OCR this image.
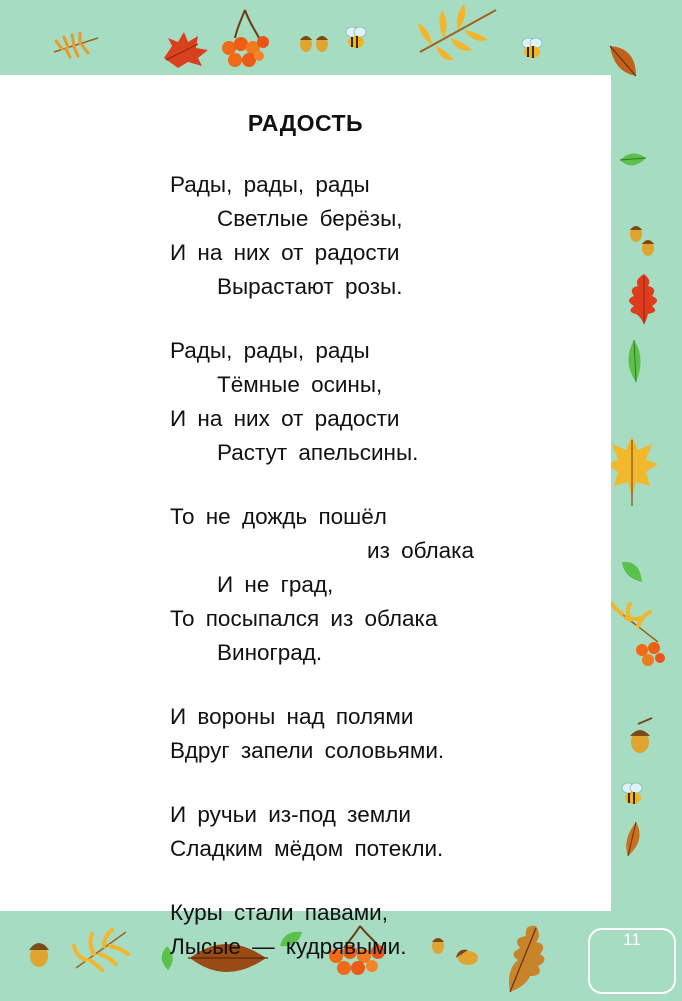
РАДОСТЬ
Рады, рады, рады
Светлые берёзы,
И на них от радости
Вырастают розы.
Рады, рады, рады
Тёмные осины,
И на них от радости
Растут апельсины.
То не дождь пошёл
из облака
И не град,
То посыпался из облака
Виноград.
И вороны над полями
Вдруг запели соловьями.
И ручьи из-под земли
Сладким мёдом потекли.
Куры стали павами,
Лысые — кудрявыми.	11
